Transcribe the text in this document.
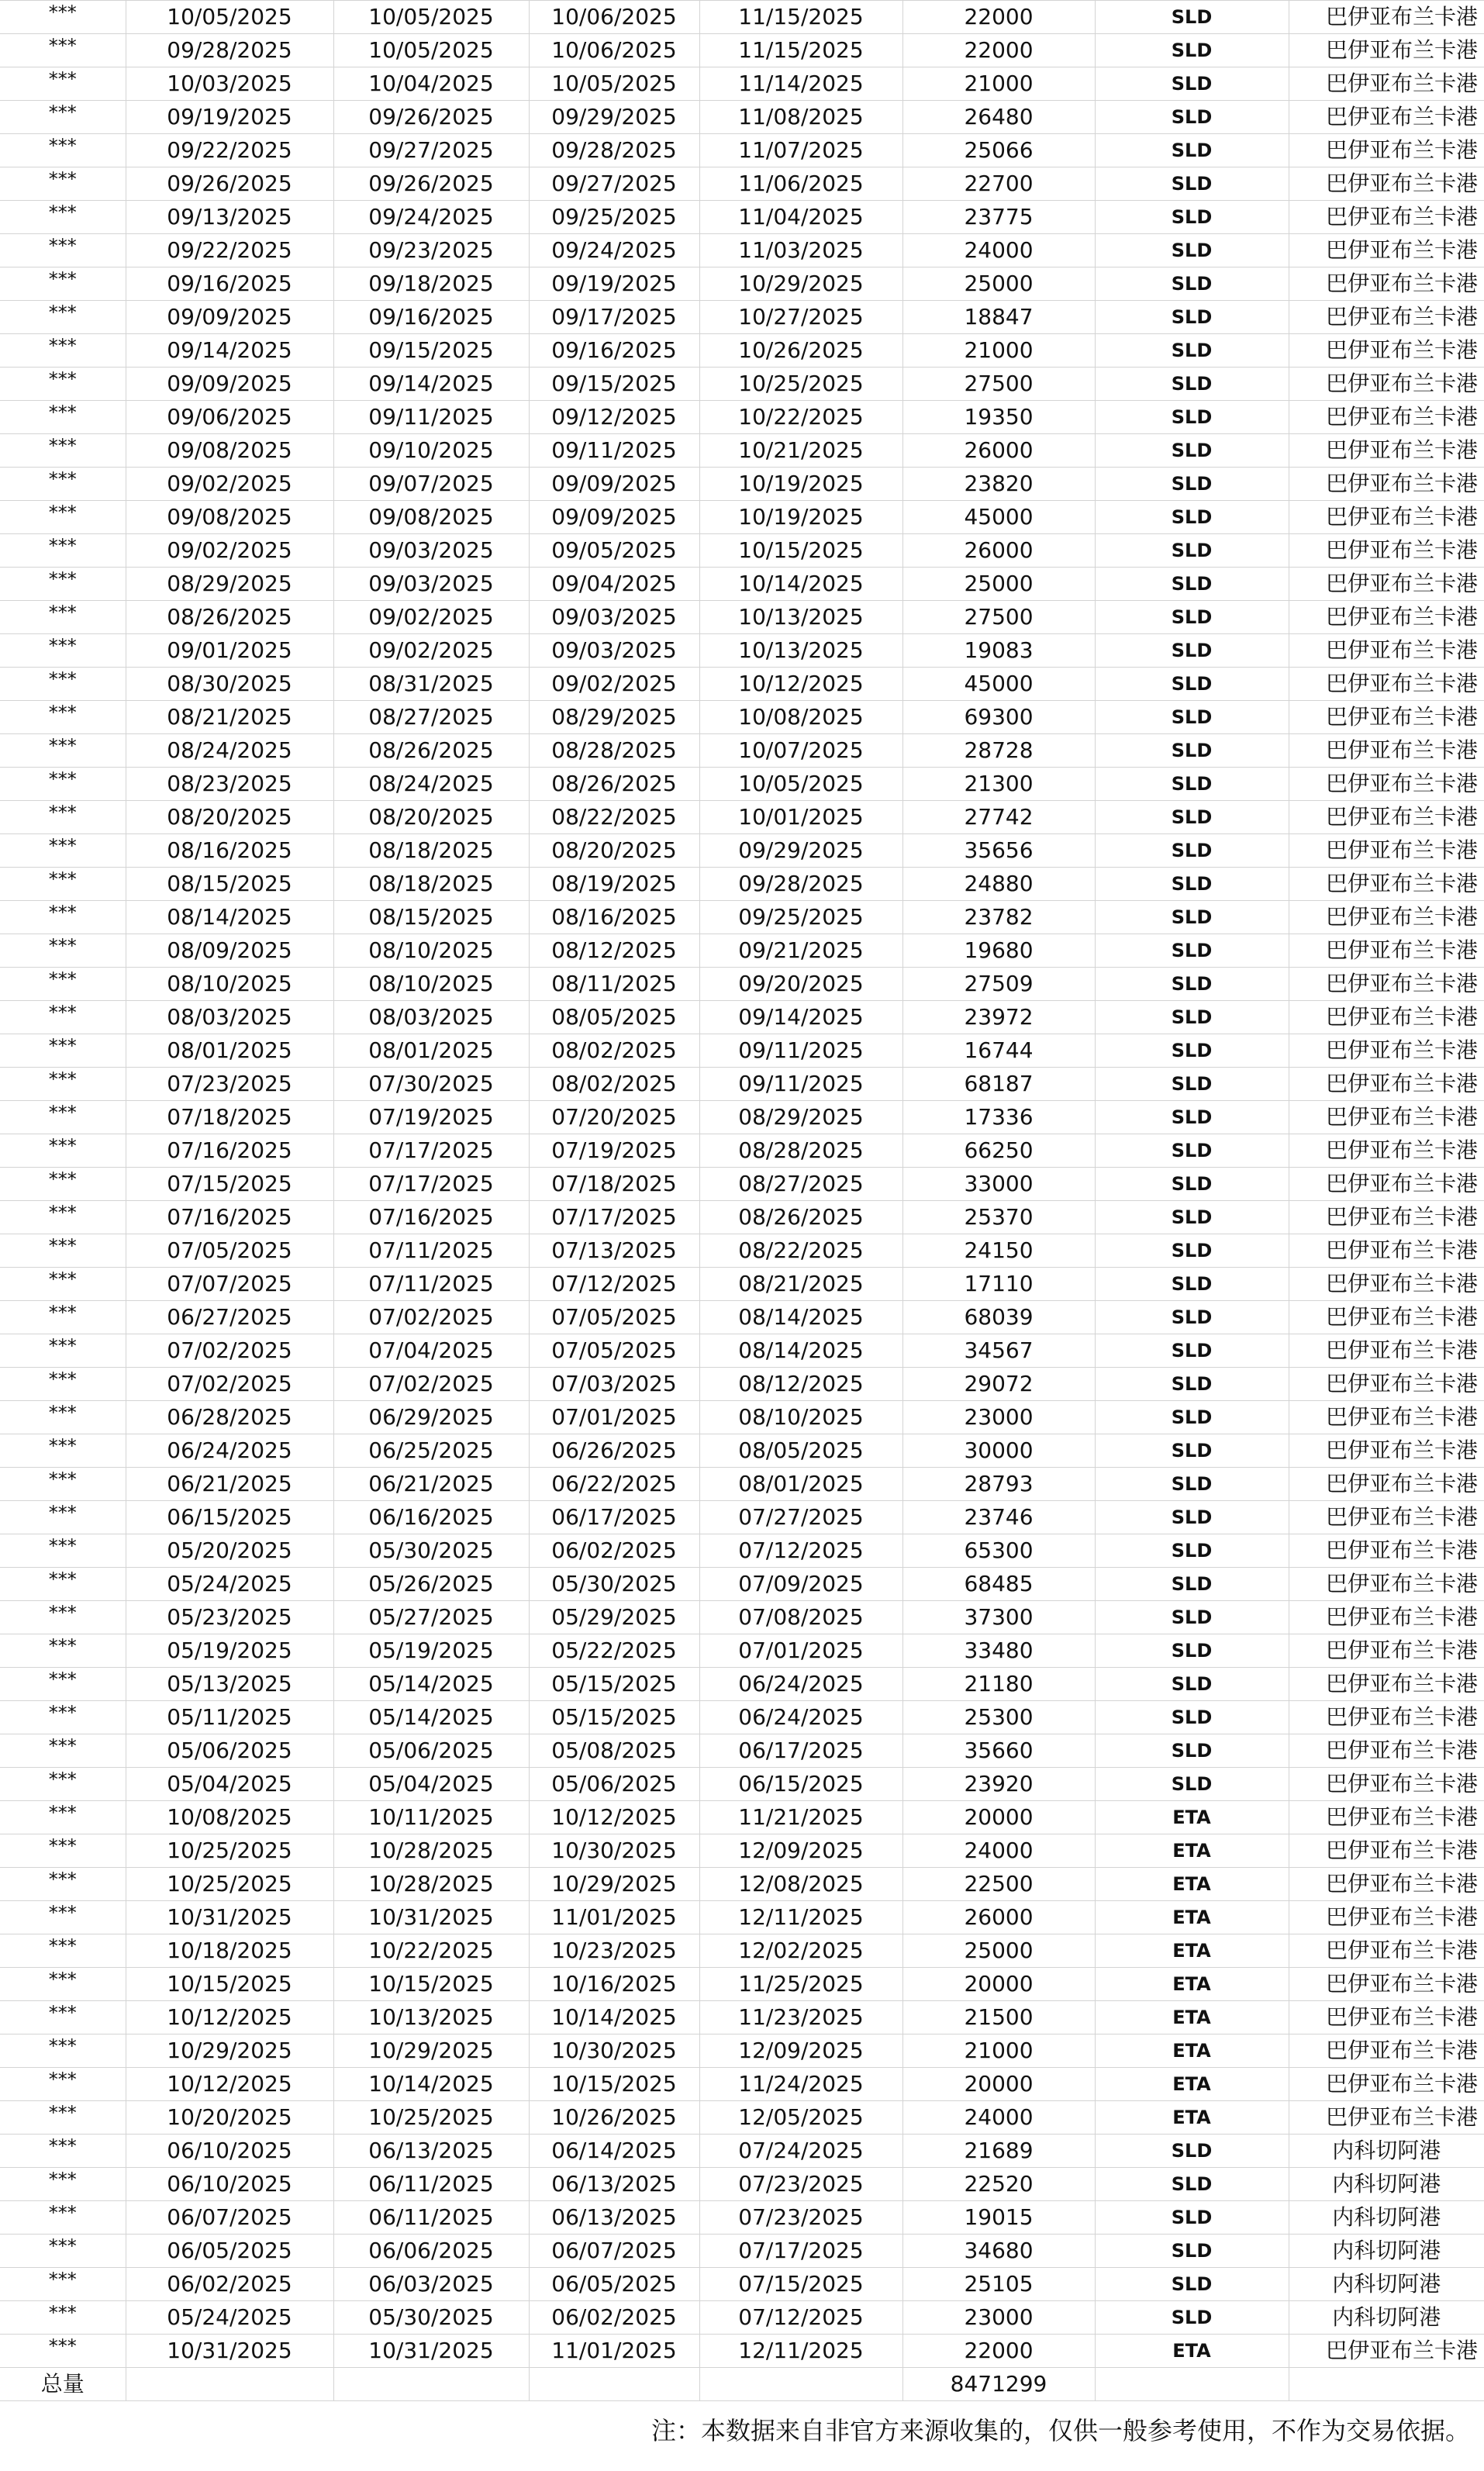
***	10/05/2025	10/05/2025	10/06/2025	11/15/2025	22000	SLD	巴伊亚布兰卡港
***	09/28/2025	10/05/2025	10/06/2025	11/15/2025	22000	SLD	巴伊亚布兰卡港
***	10/03/2025	10/04/2025	10/05/2025	11/14/2025	21000	SLD	巴伊亚布兰卡港
***	09/19/2025	09/26/2025	09/29/2025	11/08/2025	26480	SLD	巴伊亚布兰卡港
***	09/22/2025	09/27/2025	09/28/2025	11/07/2025	25066	SLD	巴伊亚布兰卡港
***	09/26/2025	09/26/2025	09/27/2025	11/06/2025	22700	SLD	巴伊亚布兰卡港
***	09/13/2025	09/24/2025	09/25/2025	11/04/2025	23775	SLD	巴伊亚布兰卡港
***	09/22/2025	09/23/2025	09/24/2025	11/03/2025	24000	SLD	巴伊亚布兰卡港
***	09/16/2025	09/18/2025	09/19/2025	10/29/2025	25000	SLD	巴伊亚布兰卡港
***	09/09/2025	09/16/2025	09/17/2025	10/27/2025	18847	SLD	巴伊亚布兰卡港
***	09/14/2025	09/15/2025	09/16/2025	10/26/2025	21000	SLD	巴伊亚布兰卡港
***	09/09/2025	09/14/2025	09/15/2025	10/25/2025	27500	SLD	巴伊亚布兰卡港
***	09/06/2025	09/11/2025	09/12/2025	10/22/2025	19350	SLD	巴伊亚布兰卡港
***	09/08/2025	09/10/2025	09/11/2025	10/21/2025	26000	SLD	巴伊亚布兰卡港
***	09/02/2025	09/07/2025	09/09/2025	10/19/2025	23820	SLD	巴伊亚布兰卡港
***	09/08/2025	09/08/2025	09/09/2025	10/19/2025	45000	SLD	巴伊亚布兰卡港
***	09/02/2025	09/03/2025	09/05/2025	10/15/2025	26000	SLD	巴伊亚布兰卡港
***	08/29/2025	09/03/2025	09/04/2025	10/14/2025	25000	SLD	巴伊亚布兰卡港
***	08/26/2025	09/02/2025	09/03/2025	10/13/2025	27500	SLD	巴伊亚布兰卡港
***	09/01/2025	09/02/2025	09/03/2025	10/13/2025	19083	SLD	巴伊亚布兰卡港
***	08/30/2025	08/31/2025	09/02/2025	10/12/2025	45000	SLD	巴伊亚布兰卡港
***	08/21/2025	08/27/2025	08/29/2025	10/08/2025	69300	SLD	巴伊亚布兰卡港
***	08/24/2025	08/26/2025	08/28/2025	10/07/2025	28728	SLD	巴伊亚布兰卡港
***	08/23/2025	08/24/2025	08/26/2025	10/05/2025	21300	SLD	巴伊亚布兰卡港
***	08/20/2025	08/20/2025	08/22/2025	10/01/2025	27742	SLD	巴伊亚布兰卡港
***	08/16/2025	08/18/2025	08/20/2025	09/29/2025	35656	SLD	巴伊亚布兰卡港
***	08/15/2025	08/18/2025	08/19/2025	09/28/2025	24880	SLD	巴伊亚布兰卡港
***	08/14/2025	08/15/2025	08/16/2025	09/25/2025	23782	SLD	巴伊亚布兰卡港
***	08/09/2025	08/10/2025	08/12/2025	09/21/2025	19680	SLD	巴伊亚布兰卡港
***	08/10/2025	08/10/2025	08/11/2025	09/20/2025	27509	SLD	巴伊亚布兰卡港
***	08/03/2025	08/03/2025	08/05/2025	09/14/2025	23972	SLD	巴伊亚布兰卡港
***	08/01/2025	08/01/2025	08/02/2025	09/11/2025	16744	SLD	巴伊亚布兰卡港
***	07/23/2025	07/30/2025	08/02/2025	09/11/2025	68187	SLD	巴伊亚布兰卡港
***	07/18/2025	07/19/2025	07/20/2025	08/29/2025	17336	SLD	巴伊亚布兰卡港
***	07/16/2025	07/17/2025	07/19/2025	08/28/2025	66250	SLD	巴伊亚布兰卡港
***	07/15/2025	07/17/2025	07/18/2025	08/27/2025	33000	SLD	巴伊亚布兰卡港
***	07/16/2025	07/16/2025	07/17/2025	08/26/2025	25370	SLD	巴伊亚布兰卡港
***	07/05/2025	07/11/2025	07/13/2025	08/22/2025	24150	SLD	巴伊亚布兰卡港
***	07/07/2025	07/11/2025	07/12/2025	08/21/2025	17110	SLD	巴伊亚布兰卡港
***	06/27/2025	07/02/2025	07/05/2025	08/14/2025	68039	SLD	巴伊亚布兰卡港
***	07/02/2025	07/04/2025	07/05/2025	08/14/2025	34567	SLD	巴伊亚布兰卡港
***	07/02/2025	07/02/2025	07/03/2025	08/12/2025	29072	SLD	巴伊亚布兰卡港
***	06/28/2025	06/29/2025	07/01/2025	08/10/2025	23000	SLD	巴伊亚布兰卡港
***	06/24/2025	06/25/2025	06/26/2025	08/05/2025	30000	SLD	巴伊亚布兰卡港
***	06/21/2025	06/21/2025	06/22/2025	08/01/2025	28793	SLD	巴伊亚布兰卡港
***	06/15/2025	06/16/2025	06/17/2025	07/27/2025	23746	SLD	巴伊亚布兰卡港
***	05/20/2025	05/30/2025	06/02/2025	07/12/2025	65300	SLD	巴伊亚布兰卡港
***	05/24/2025	05/26/2025	05/30/2025	07/09/2025	68485	SLD	巴伊亚布兰卡港
***	05/23/2025	05/27/2025	05/29/2025	07/08/2025	37300	SLD	巴伊亚布兰卡港
***	05/19/2025	05/19/2025	05/22/2025	07/01/2025	33480	SLD	巴伊亚布兰卡港
***	05/13/2025	05/14/2025	05/15/2025	06/24/2025	21180	SLD	巴伊亚布兰卡港
***	05/11/2025	05/14/2025	05/15/2025	06/24/2025	25300	SLD	巴伊亚布兰卡港
***	05/06/2025	05/06/2025	05/08/2025	06/17/2025	35660	SLD	巴伊亚布兰卡港
***	05/04/2025	05/04/2025	05/06/2025	06/15/2025	23920	SLD	巴伊亚布兰卡港
***	10/08/2025	10/11/2025	10/12/2025	11/21/2025	20000	ETA	巴伊亚布兰卡港
***	10/25/2025	10/28/2025	10/30/2025	12/09/2025	24000	ETA	巴伊亚布兰卡港
***	10/25/2025	10/28/2025	10/29/2025	12/08/2025	22500	ETA	巴伊亚布兰卡港
***	10/31/2025	10/31/2025	11/01/2025	12/11/2025	26000	ETA	巴伊亚布兰卡港
***	10/18/2025	10/22/2025	10/23/2025	12/02/2025	25000	ETA	巴伊亚布兰卡港
***	10/15/2025	10/15/2025	10/16/2025	11/25/2025	20000	ETA	巴伊亚布兰卡港
***	10/12/2025	10/13/2025	10/14/2025	11/23/2025	21500	ETA	巴伊亚布兰卡港
***	10/29/2025	10/29/2025	10/30/2025	12/09/2025	21000	ETA	巴伊亚布兰卡港
***	10/12/2025	10/14/2025	10/15/2025	11/24/2025	20000	ETA	巴伊亚布兰卡港
***	10/20/2025	10/25/2025	10/26/2025	12/05/2025	24000	ETA	巴伊亚布兰卡港
***	06/10/2025	06/13/2025	06/14/2025	07/24/2025	21689	SLD	内科切阿港
***	06/10/2025	06/11/2025	06/13/2025	07/23/2025	22520	SLD	内科切阿港
***	06/07/2025	06/11/2025	06/13/2025	07/23/2025	19015	SLD	内科切阿港
***	06/05/2025	06/06/2025	06/07/2025	07/17/2025	34680	SLD	内科切阿港
***	06/02/2025	06/03/2025	06/05/2025	07/15/2025	25105	SLD	内科切阿港
***	05/24/2025	05/30/2025	06/02/2025	07/12/2025	23000	SLD	内科切阿港
***	10/31/2025	10/31/2025	11/01/2025	12/11/2025	22000	ETA	巴伊亚布兰卡港
总量					8471299		
注：本数据来自非官方来源收集的，仅供一般参考使用，不作为交易依据。
